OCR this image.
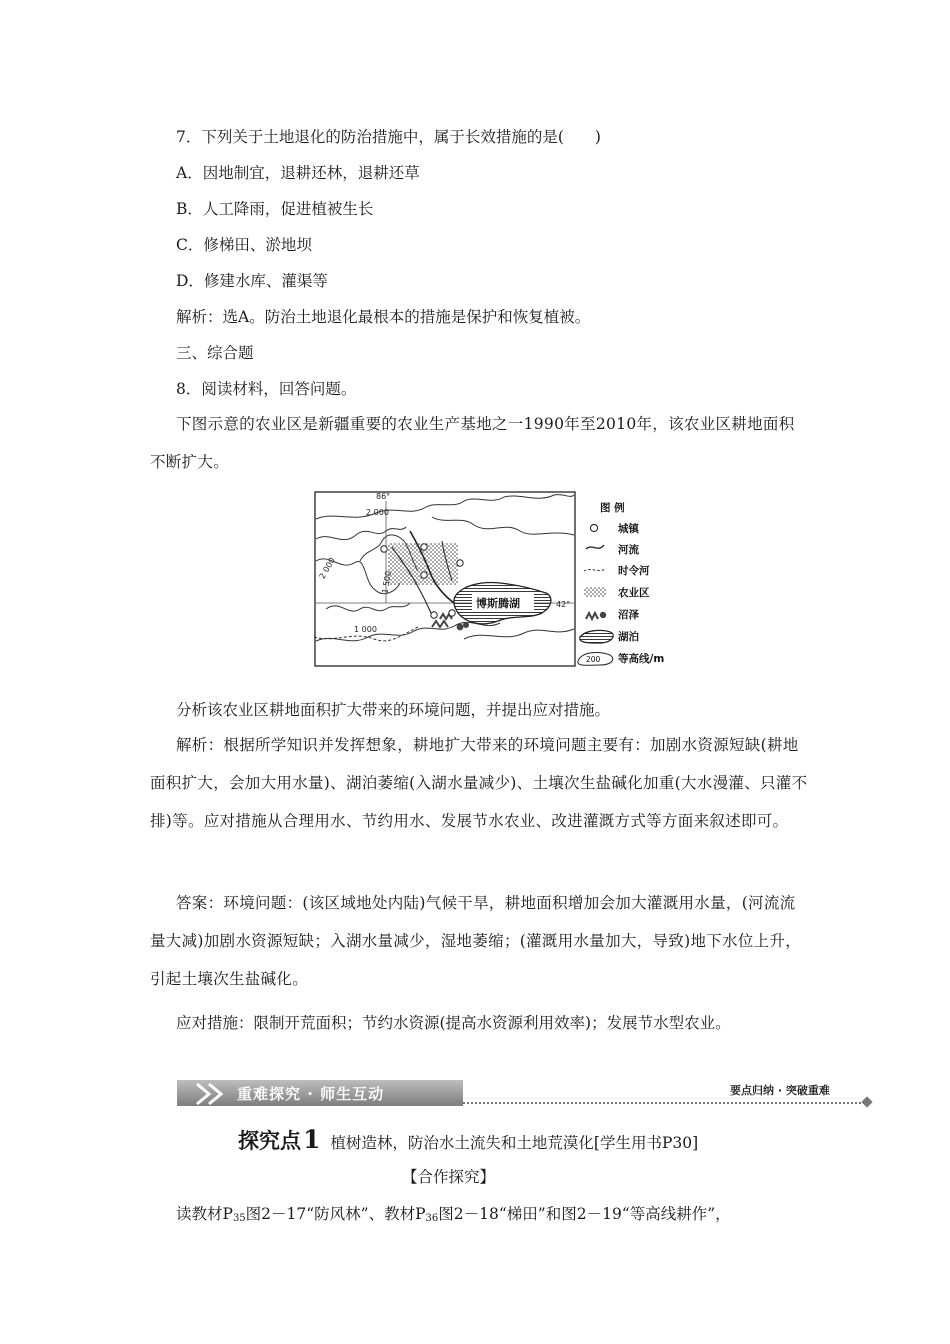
7．下列关于土地退化的防治措施中，属于长效措施的是(　　)
A．因地制宜，退耕还林，退耕还草
B．人工降雨，促进植被生长
C．修梯田、淤地坝
D．修建水库、灌渠等
解析：选A。防治土地退化最根本的措施是保护和恢复植被。
三、综合题
8．阅读材料，回答问题。
下图示意的农业区是新疆重要的农业生产基地之一1990年至2010年，该农业区耕地面积不断扩大。
博斯腾湖
86°
42°
2 000
2 000
1 500
1 000
图 例
城镇
河流
时令河
农业区
沼泽
湖泊
200 等高线/m
分析该农业区耕地面积扩大带来的环境问题，并提出应对措施。
解析：根据所学知识并发挥想象，耕地扩大带来的环境问题主要有：加剧水资源短缺(耕地面积扩大，会加大用水量)、湖泊萎缩(入湖水量减少)、土壤次生盐碱化加重(大水漫灌、只灌不排)等。应对措施从合理用水、节约用水、发展节水农业、改进灌溉方式等方面来叙述即可。
答案：环境问题：(该区域地处内陆)气候干旱，耕地面积增加会加大灌溉用水量，(河流流量大减)加剧水资源短缺；入湖水量减少，湿地萎缩；(灌溉用水量加大，导致)地下水位上升，引起土壤次生盐碱化。
应对措施：限制开荒面积；节约水资源(提高水资源利用效率)；发展节水型农业。
重难探究 · 师生互动	要点归纳 · 突破重难
探究点1 植树造林，防治水土流失和土地荒漠化[学生用书P30]
【合作探究】
读教材$P_{35}$图2－17“防风林”、教材$P_{36}$图2－18“梯田”和图2－19“等高线耕作”，
